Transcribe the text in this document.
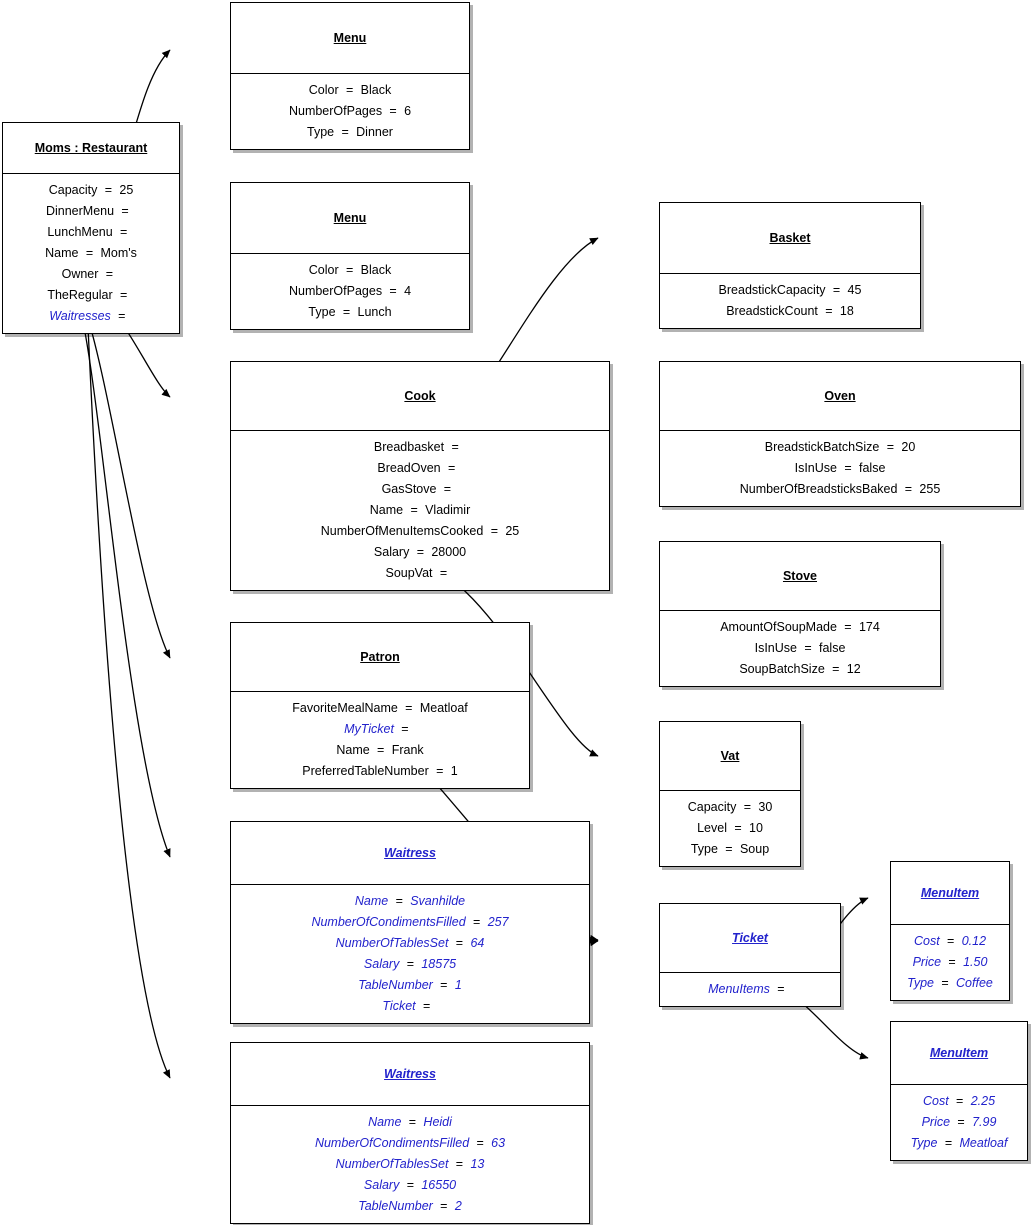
Moms : Restaurant
Capacity = 25
DinnerMenu =
LunchMenu =
Name = Mom's
Owner =
TheRegular =
Waitresses =
Menu
Color = Black
NumberOfPages = 6
Type = Dinner
Menu
Color = Black
NumberOfPages = 4
Type = Lunch
Basket
BreadstickCapacity = 45
BreadstickCount = 18
Cook
Breadbasket =
BreadOven =
GasStove =
Name = Vladimir
NumberOfMenuItemsCooked = 25
Salary = 28000
SoupVat =
Oven
BreadstickBatchSize = 20
IsInUse = false
NumberOfBreadsticksBaked = 255
Stove
AmountOfSoupMade = 174
IsInUse = false
SoupBatchSize = 12
Patron
FavoriteMealName = Meatloaf
MyTicket =
Name = Frank
PreferredTableNumber = 1
Vat
Capacity = 30
Level = 10
Type = Soup
Waitress
Name = Svanhilde
NumberOfCondimentsFilled = 257
NumberOfTablesSet = 64
Salary = 18575
TableNumber = 1
Ticket =
Ticket
MenuItems =
MenuItem
Cost = 0.12
Price = 1.50
Type = Coffee
MenuItem
Cost = 2.25
Price = 7.99
Type = Meatloaf
Waitress
Name = Heidi
NumberOfCondimentsFilled = 63
NumberOfTablesSet = 13
Salary = 16550
TableNumber = 2
